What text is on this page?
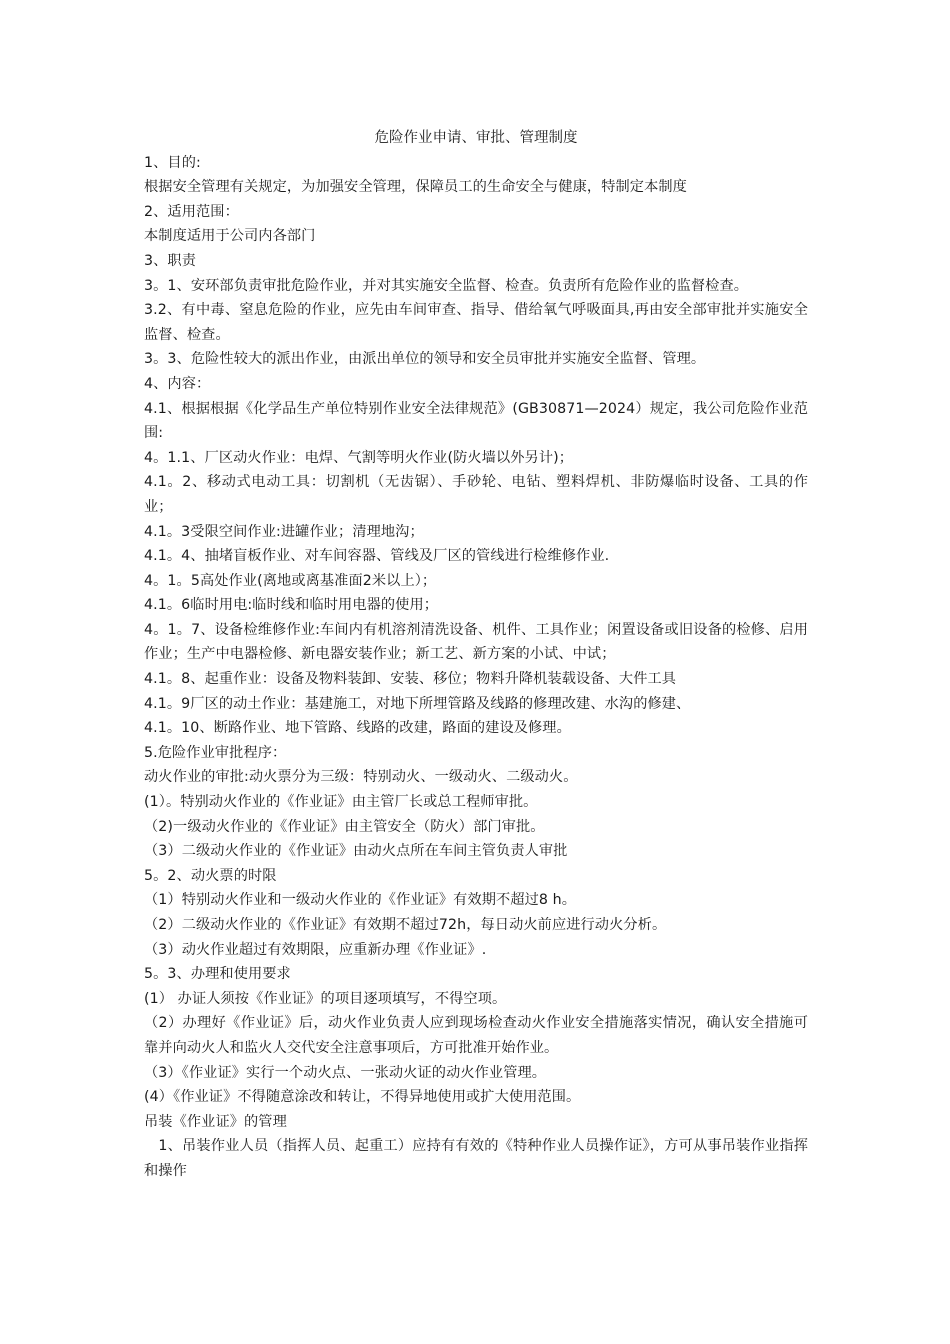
危险作业申请、审批、管理制度

1、目的:

根据安全管理有关规定，为加强安全管理，保障员工的生命安全与健康，特制定本制度

2、适用范围：

本制度适用于公司内各部门

3、职责

3。1、安环部负责审批危险作业，并对其实施安全监督、检查。负责所有危险作业的监督检查。

3.2、有中毒、窒息危险的作业，应先由车间审查、指导、借给氧气呼吸面具,再由安全部审批并实施安全监督、检查。

3。3、危险性较大的派出作业，由派出单位的领导和安全员审批并实施安全监督、管理。

4、内容：

4.1、根据根据《化学品生产单位特别作业安全法律规范》(GB30871—2024）规定，我公司危险作业范围:

4。1.1、厂区动火作业：电焊、气割等明火作业(防火墙以外另计)；

4.1。2、移动式电动工具：切割机（无齿锯）、手砂轮、电钻、塑料焊机、非防爆临时设备、工具的作业；

4.1。3受限空间作业:进罐作业；清理地沟；

4.1。4、抽堵盲板作业、对车间容器、管线及厂区的管线进行检维修作业.

4。1。5高处作业(离地或离基准面2米以上）；

4.1。6临时用电:临时线和临时用电器的使用；

4。1。7、设备检维修作业:车间内有机溶剂清洗设备、机件、工具作业；闲置设备或旧设备的检修、启用作业；生产中电器检修、新电器安装作业；新工艺、新方案的小试、中试；

4.1。8、起重作业：设备及物料装卸、安装、移位；物料升降机装载设备、大件工具

4.1。9厂区的动土作业：基建施工，对地下所埋管路及线路的修理改建、水沟的修建、

4.1。10、断路作业、地下管路、线路的改建，路面的建设及修理。

5.危险作业审批程序：

动火作业的审批:动火票分为三级：特别动火、一级动火、二级动火。

(1）。特别动火作业的《作业证》由主管厂长或总工程师审批。

（2)一级动火作业的《作业证》由主管安全（防火）部门审批。

（3）二级动火作业的《作业证》由动火点所在车间主管负责人审批

5。2、动火票的时限

（1）特别动火作业和一级动火作业的《作业证》有效期不超过8 h。

（2）二级动火作业的《作业证》有效期不超过72h，每日动火前应进行动火分析。

（3）动火作业超过有效期限，应重新办理《作业证》.

5。3、办理和使用要求

(1） 办证人须按《作业证》的项目逐项填写，不得空项。

（2）办理好《作业证》后，动火作业负责人应到现场检查动火作业安全措施落实情况，确认安全措施可靠并向动火人和监火人交代安全注意事项后，方可批准开始作业。

（3）《作业证》实行一个动火点、一张动火证的动火作业管理。

(4）《作业证》不得随意涂改和转让，不得异地使用或扩大使用范围。

吊装《作业证》的管理

　1、吊装作业人员（指挥人员、起重工）应持有有效的《特种作业人员操作证》，方可从事吊装作业指挥和操作
